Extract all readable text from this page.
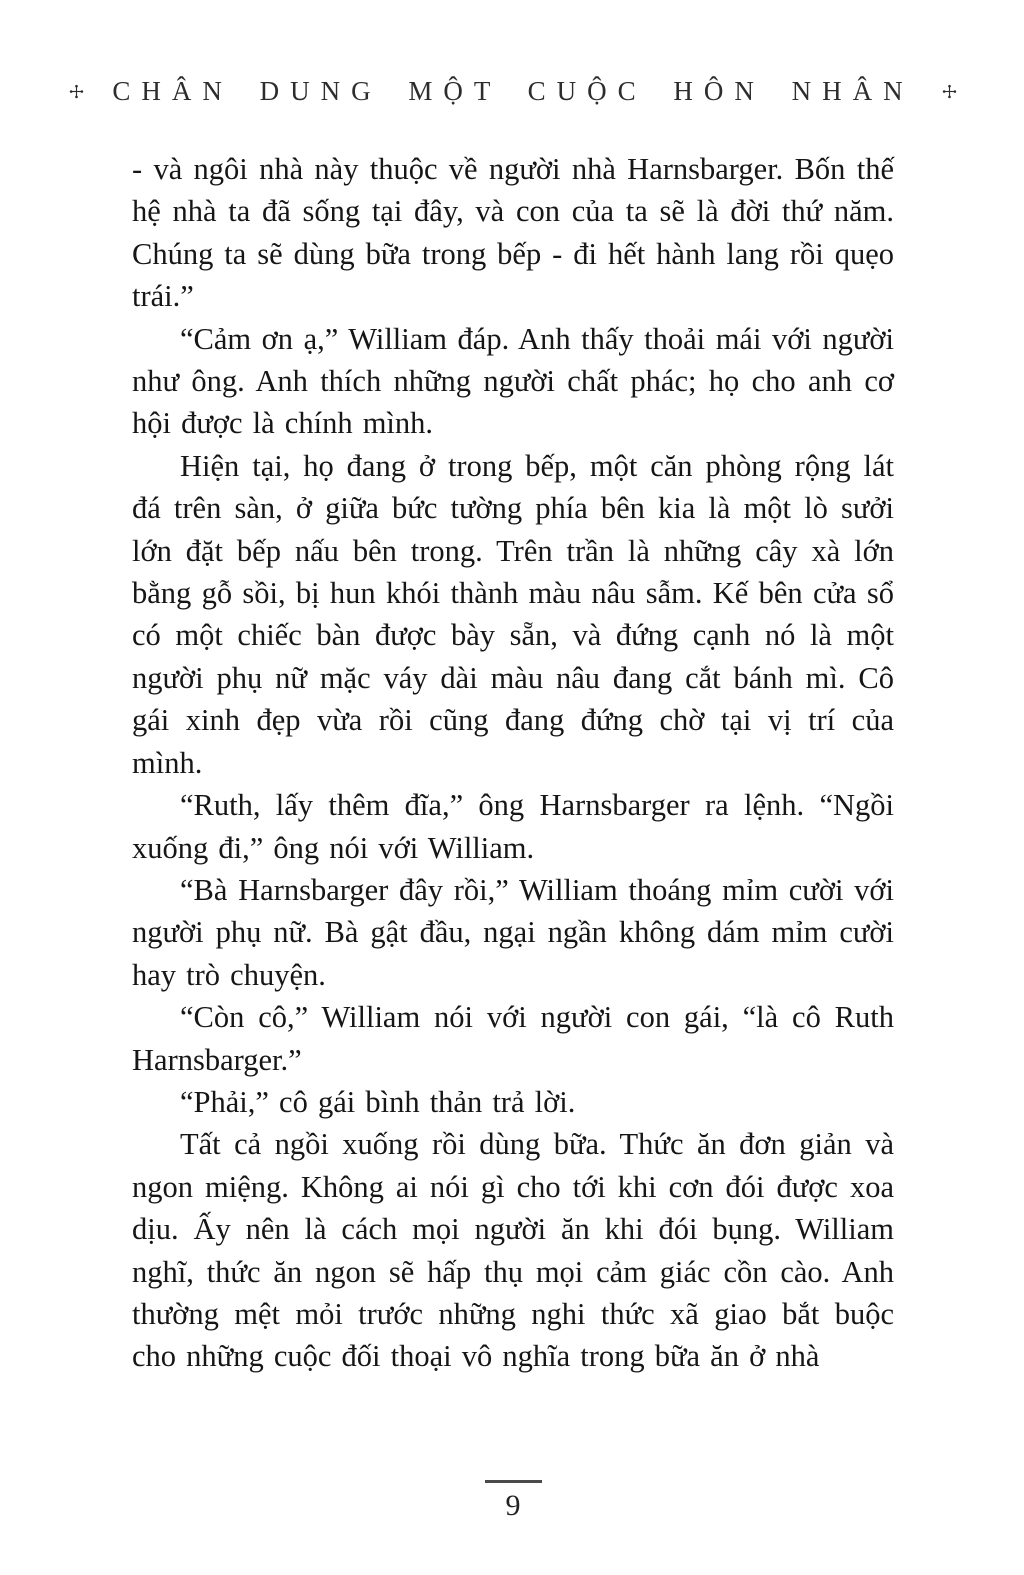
CHÂN DUNG MỘT CUỘC HÔN NHÂN

- và ngôi nhà này thuộc về người nhà Harnsbarger. Bốn thế hệ nhà ta đã sống tại đây, và con của ta sẽ là đời thứ năm. Chúng ta sẽ dùng bữa trong bếp - đi hết hành lang rồi quẹo trái.”

“Cảm ơn ạ,” William đáp. Anh thấy thoải mái với người như ông. Anh thích những người chất phác; họ cho anh cơ hội được là chính mình.

Hiện tại, họ đang ở trong bếp, một căn phòng rộng lát đá trên sàn, ở giữa bức tường phía bên kia là một lò sưởi lớn đặt bếp nấu bên trong. Trên trần là những cây xà lớn bằng gỗ sồi, bị hun khói thành màu nâu sẫm. Kế bên cửa sổ có một chiếc bàn được bày sẵn, và đứng cạnh nó là một người phụ nữ mặc váy dài màu nâu đang cắt bánh mì. Cô gái xinh đẹp vừa rồi cũng đang đứng chờ tại vị trí của mình.

“Ruth, lấy thêm đĩa,” ông Harnsbarger ra lệnh. “Ngồi xuống đi,” ông nói với William.

“Bà Harnsbarger đây rồi,” William thoáng mỉm cười với người phụ nữ. Bà gật đầu, ngại ngần không dám mỉm cười hay trò chuyện.

“Còn cô,” William nói với người con gái, “là cô Ruth Harnsbarger.”

“Phải,” cô gái bình thản trả lời.

Tất cả ngồi xuống rồi dùng bữa. Thức ăn đơn giản và ngon miệng. Không ai nói gì cho tới khi cơn đói được xoa dịu. Ấy nên là cách mọi người ăn khi đói bụng. William nghĩ, thức ăn ngon sẽ hấp thụ mọi cảm giác cồn cào. Anh thường mệt mỏi trước những nghi thức xã giao bắt buộc cho những cuộc đối thoại vô nghĩa trong bữa ăn ở nhà

9
